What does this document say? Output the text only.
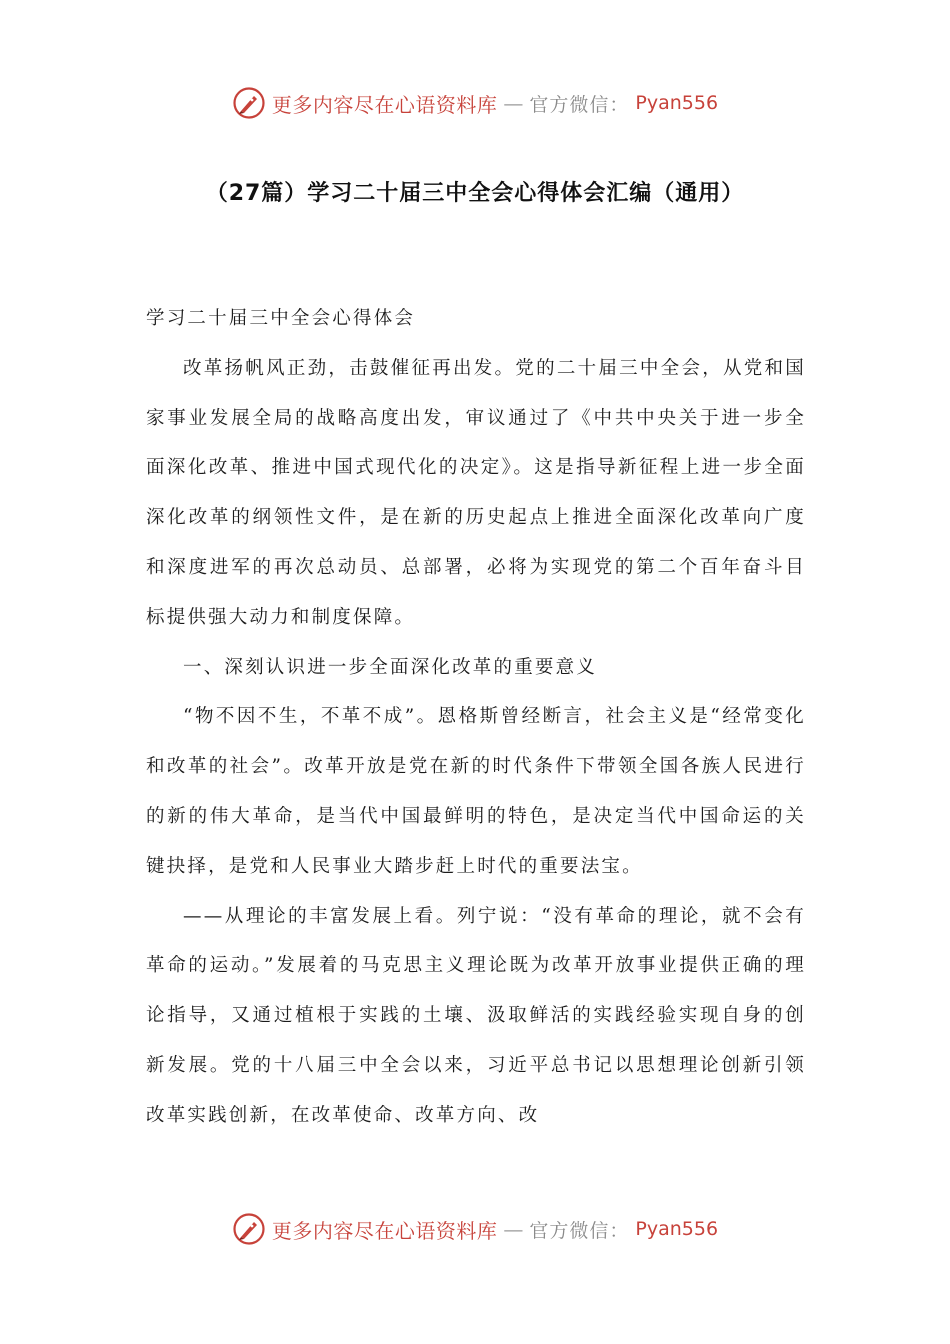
更多内容尽在心语资料库 — 官方微信： Pyan556
（27篇）学习二十届三中全会心得体会汇编（通用）

学习二十届三中全会心得体会

改革扬帆风正劲，击鼓催征再出发。党的二十届三中全会，从党和国家事业发展全局的战略高度出发，审议通过了《中共中央关于进一步全面深化改革、推进中国式现代化的决定》。这是指导新征程上进一步全面深化改革的纲领性文件，是在新的历史起点上推进全面深化改革向广度和深度进军的再次总动员、总部署，必将为实现党的第二个百年奋斗目标提供强大动力和制度保障。

一、深刻认识进一步全面深化改革的重要意义

“物不因不生，不革不成”。恩格斯曾经断言，社会主义是“经常变化和改革的社会”。改革开放是党在新的时代条件下带领全国各族人民进行的新的伟大革命，是当代中国最鲜明的特色，是决定当代中国命运的关键抉择，是党和人民事业大踏步赶上时代的重要法宝。

——从理论的丰富发展上看。列宁说：“没有革命的理论，就不会有革命的运动。”发展着的马克思主义理论既为改革开放事业提供正确的理论指导，又通过植根于实践的土壤、汲取鲜活的实践经验实现自身的创新发展。党的十八届三中全会以来，习近平总书记以思想理论创新引领改革实践创新，在改革使命、改革方向、改

更多内容尽在心语资料库 — 官方微信： Pyan556
